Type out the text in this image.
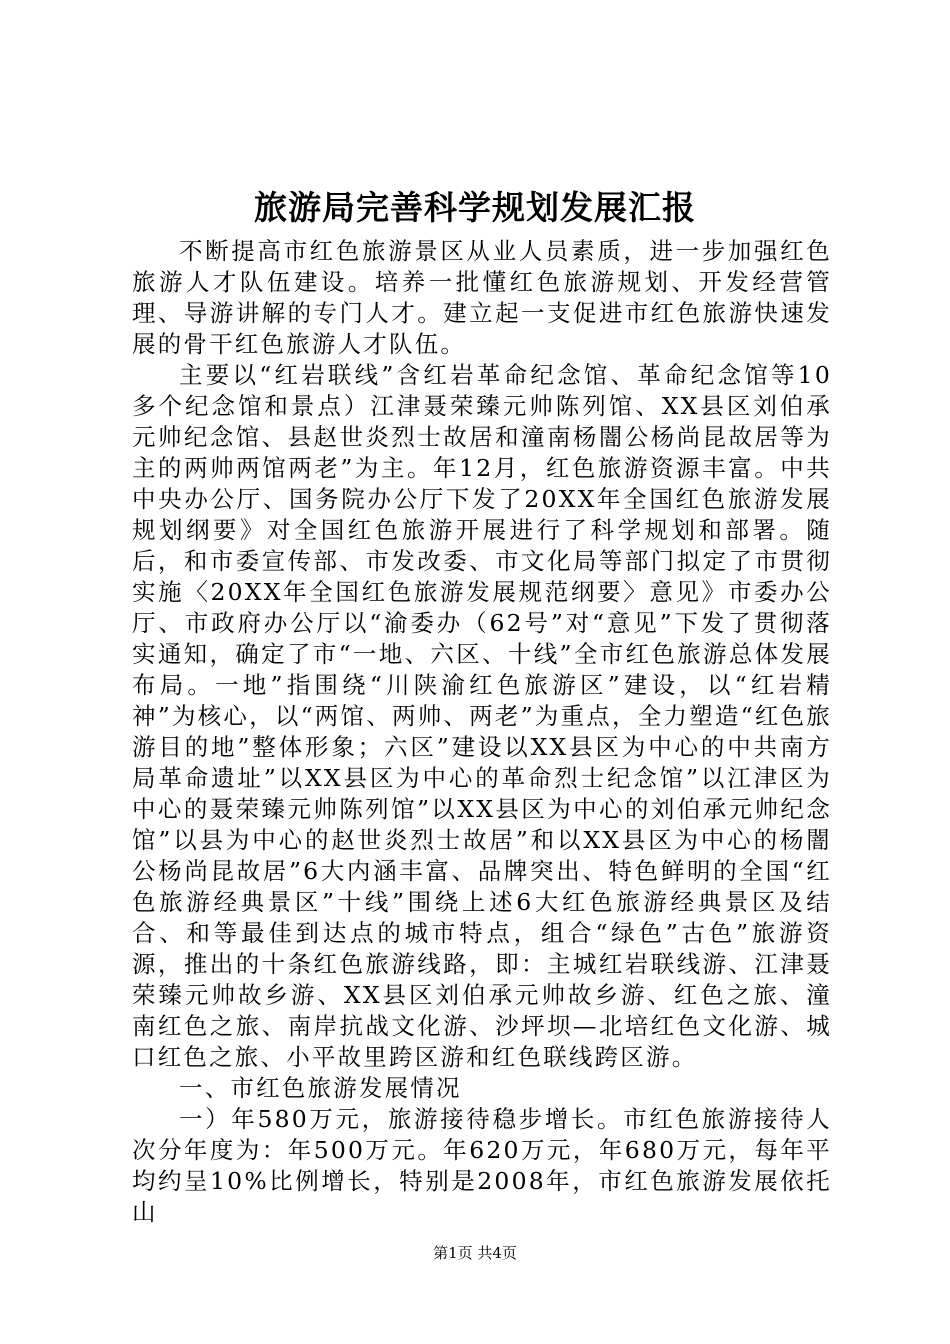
旅游局完善科学规划发展汇报

不断提高市红色旅游景区从业人员素质，进一步加强红色旅游人才队伍建设。培养一批懂红色旅游规划、开发经营管理、导游讲解的专门人才。建立起一支促进市红色旅游快速发展的骨干红色旅游人才队伍。

主要以“红岩联线”含红岩革命纪念馆、革命纪念馆等10多个纪念馆和景点）江津聂荣臻元帅陈列馆、XX县区刘伯承元帅纪念馆、县赵世炎烈士故居和潼南杨闇公杨尚昆故居等为主的两帅两馆两老”为主。年12月，红色旅游资源丰富。中共中央办公厅、国务院办公厅下发了20XX年全国红色旅游发展规划纲要》对全国红色旅游开展进行了科学规划和部署。随后，和市委宣传部、市发改委、市文化局等部门拟定了市贯彻实施〈20XX年全国红色旅游发展规范纲要〉意见》市委办公厅、市政府办公厅以“渝委办（62号”对“意见”下发了贯彻落实通知，确定了市“一地、六区、十线”全市红色旅游总体发展布局。一地”指围绕“川陕渝红色旅游区”建设，以“红岩精神”为核心，以“两馆、两帅、两老”为重点，全力塑造“红色旅游目的地”整体形象；六区”建设以XX县区为中心的中共南方局革命遗址”以XX县区为中心的革命烈士纪念馆”以江津区为中心的聂荣臻元帅陈列馆”以XX县区为中心的刘伯承元帅纪念馆”以县为中心的赵世炎烈士故居”和以XX县区为中心的杨闇公杨尚昆故居”6大内涵丰富、品牌突出、特色鲜明的全国“红色旅游经典景区”十线”围绕上述6大红色旅游经典景区及结合、和等最佳到达点的城市特点，组合“绿色”古色”旅游资源，推出的十条红色旅游线路，即：主城红岩联线游、江津聂荣臻元帅故乡游、XX县区刘伯承元帅故乡游、红色之旅、潼南红色之旅、南岸抗战文化游、沙坪坝—北培红色文化游、城口红色之旅、小平故里跨区游和红色联线跨区游。

一、市红色旅游发展情况

一）年580万元，旅游接待稳步增长。市红色旅游接待人次分年度为：年500万元。年620万元，年680万元，每年平均约呈10%比例增长，特别是2008年，市红色旅游发展依托山

第1页 共4页
